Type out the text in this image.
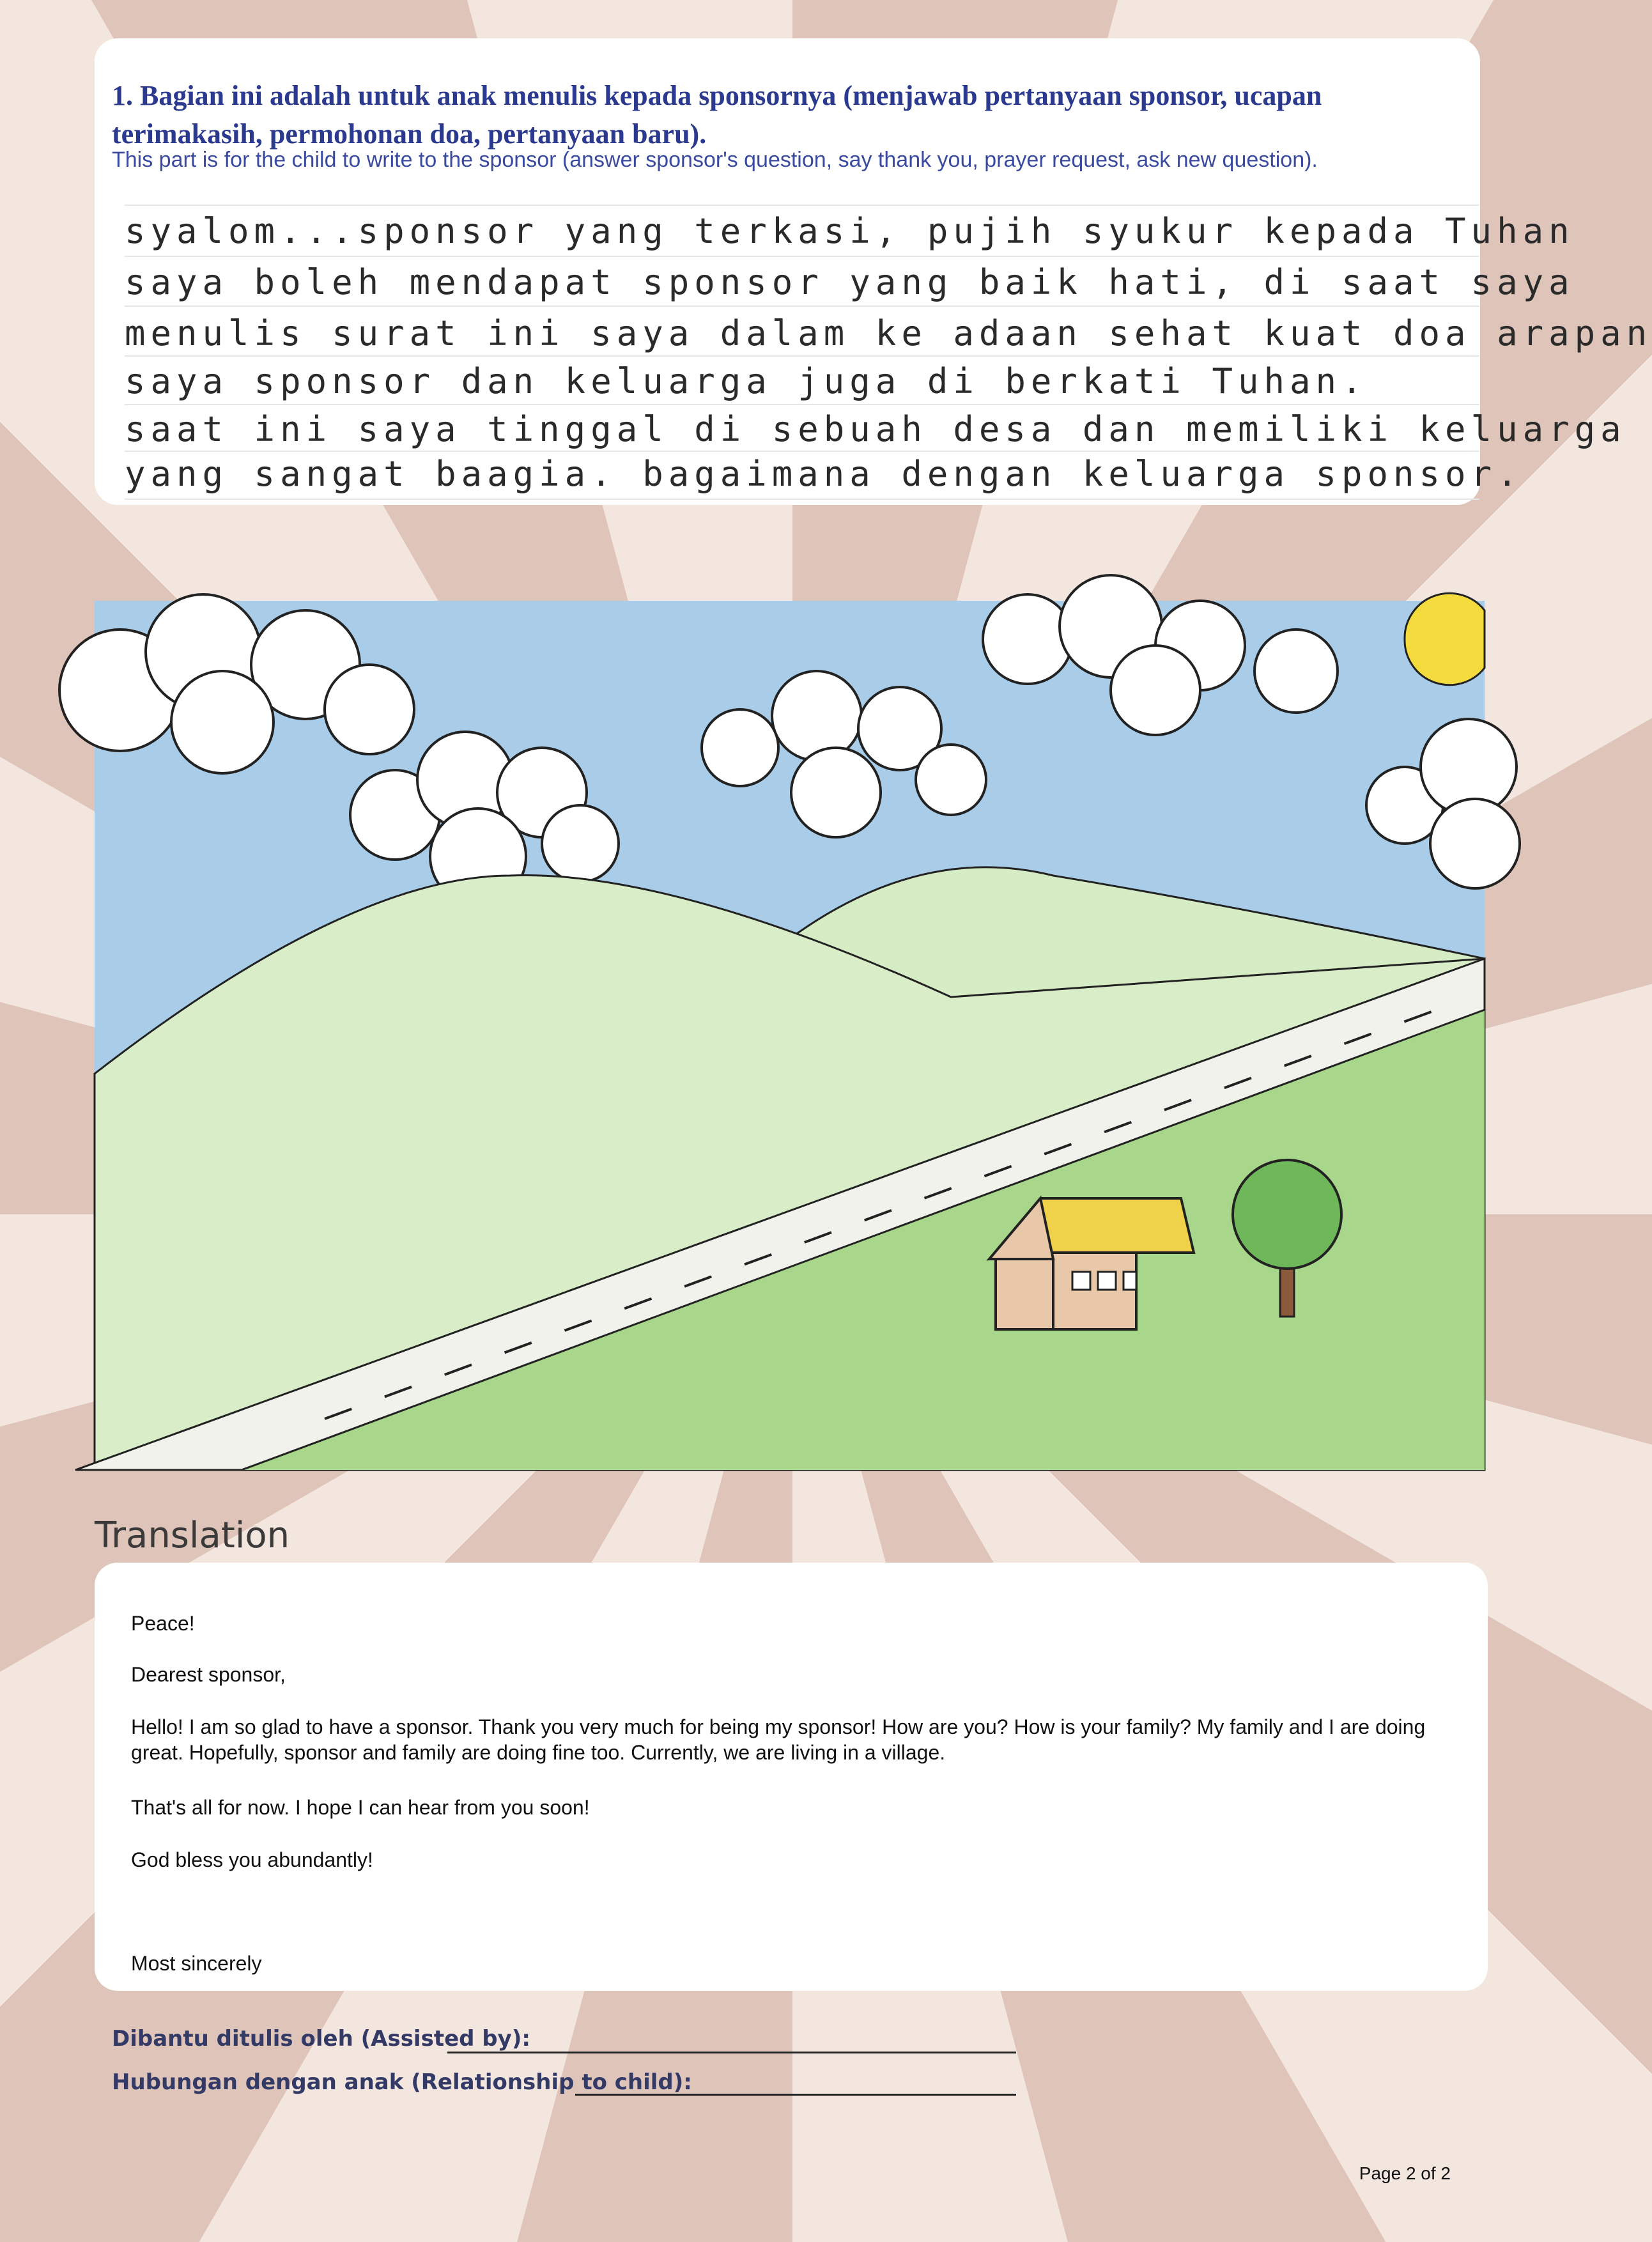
1. Bagian ini adalah untuk anak menulis kepada sponsornya (menjawab pertanyaan sponsor, ucapan terimakasih, permohonan doa, pertanyaan baru).
This part is for the child to write to the sponsor (answer sponsor's question, say thank you, prayer request, ask new question).
syalom...sponsor yang terkasi, pujih syukur kepada Tuhan
saya boleh mendapat sponsor yang baik hati, di saat saya
menulis surat ini saya dalam ke adaan sehat kuat doa arapan
saya sponsor dan keluarga juga di berkati Tuhan.
saat ini saya tinggal di sebuah desa dan memiliki keluarga
yang sangat baagia. bagaimana dengan keluarga sponsor.
Translation
Peace!
Dearest sponsor,
Hello! I am so glad to have a sponsor. Thank you very much for being my sponsor! How are you? How is your family? My family and I are doing great. Hopefully, sponsor and family are doing fine too. Currently, we are living in a village.
That's all for now. I hope I can hear from you soon!
God bless you abundantly!
Most sincerely
Dibantu ditulis oleh (Assisted by):
Hubungan dengan anak (Relationship to child):
Page 2 of 2
